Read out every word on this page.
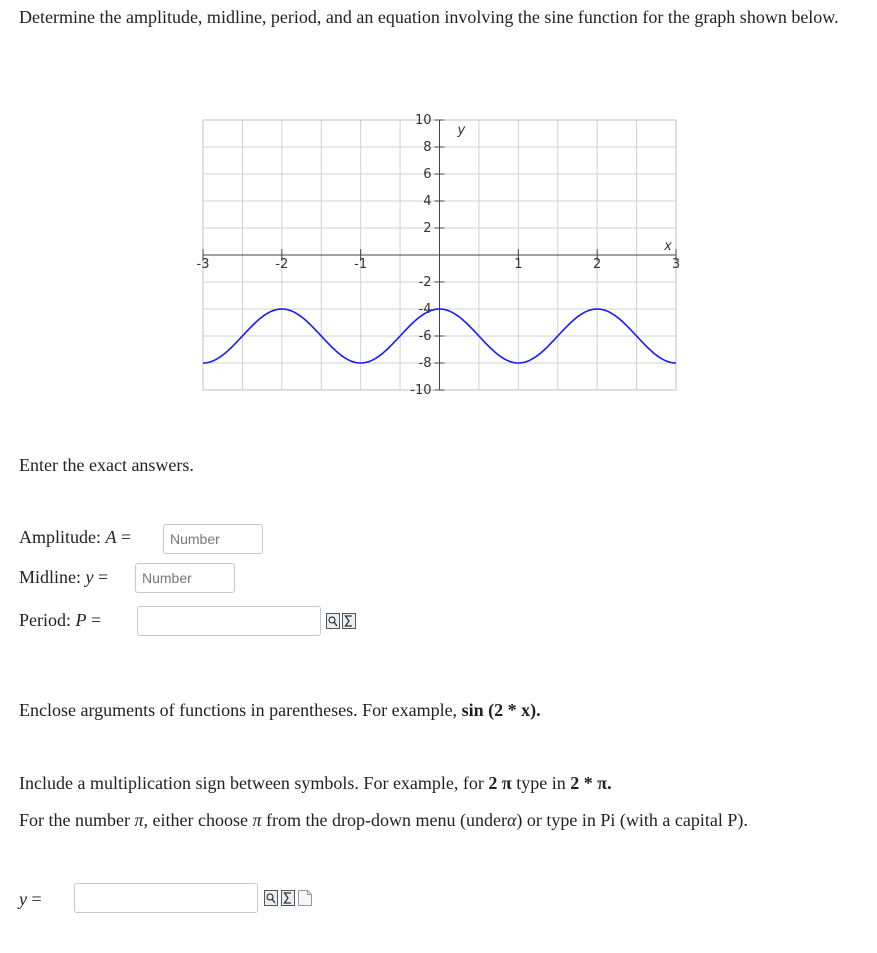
Determine the amplitude, midline, period, and an equation involving the sine function for the graph shown below.
-3	-2	-1	1	2	3
10
8
6
4
2
-2
-4
-6
-8
-10
x
y
Enter the exact answers.
Amplitude: A =
Number
Midline: y =
Number
Period: P =
Enclose arguments of functions in parentheses. For example, sin (2 * x).
Include a multiplication sign between symbols. For example, for 2 π type in 2 * π.
For the number π, either choose π from the drop-down menu (underα) or type in Pi (with a capital P).
y =
